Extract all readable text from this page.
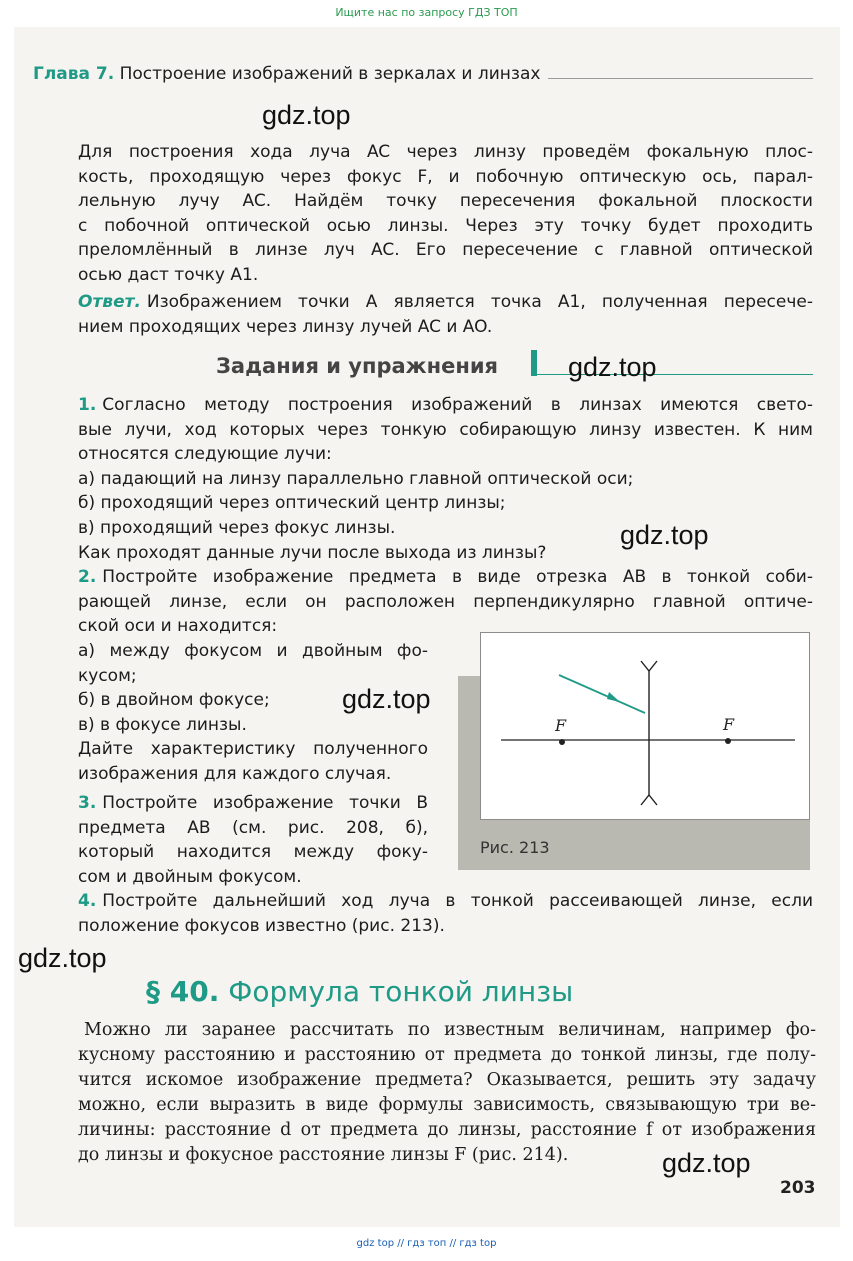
Ищите нас по запросу ГДЗ ТОП
Глава 7. Построение изображений в зеркалах и линзах
gdz.top
Для построения хода луча AC через линзу проведём фокальную плос-
кость, проходящую через фокус F, и побочную оптическую ось, парал-
лельную лучу AC. Найдём точку пересечения фокальной плоскости
с побочной оптической осью линзы. Через эту точку будет проходить
преломлённый в линзе луч AC. Его пересечение с главной оптической
осью даст точку A1.
Ответ. Изображением точки A является точка A1, полученная пересече-
нием проходящих через линзу лучей AC и AO.
Задания и упражнения	gdz.top
1. Согласно методу построения изображений в линзах имеются свето-
вые лучи, ход которых через тонкую собирающую линзу известен. К ним
относятся следующие лучи:
а) падающий на линзу параллельно главной оптической оси;
б) проходящий через оптический центр линзы;
в) проходящий через фокус линзы.
Как проходят данные лучи после выхода из линзы?
gdz.top
2. Постройте изображение предмета в виде отрезка AB в тонкой соби-
рающей линзе, если он расположен перпендикулярно главной оптиче-
ской оси и находится:
а) между фокусом и двойным фо-
кусом;
б) в двойном фокусе;
в) в фокусе линзы.
Дайте характеристику полученного
изображения для каждого случая.
gdz.top
3. Постройте изображение точки B
предмета AB (см. рис. 208, б),
который находится между фоку-
сом и двойным фокусом.
F	F
Рис. 213
4. Постройте дальнейший ход луча в тонкой рассеивающей линзе, если
положение фокусов известно (рис. 213).
gdz.top
§ 40. Формула тонкой линзы
Можно ли заранее рассчитать по известным величинам, например фо-
кусному расстоянию и расстоянию от предмета до тонкой линзы, где полу-
чится искомое изображение предмета? Оказывается, решить эту задачу
можно, если выразить в виде формулы зависимость, связывающую три ве-
личины: расстояние d от предмета до линзы, расстояние f от изображения
до линзы и фокусное расстояние линзы F (рис. 214).	gdz.top
203
gdz top // гдз топ // гдз top
